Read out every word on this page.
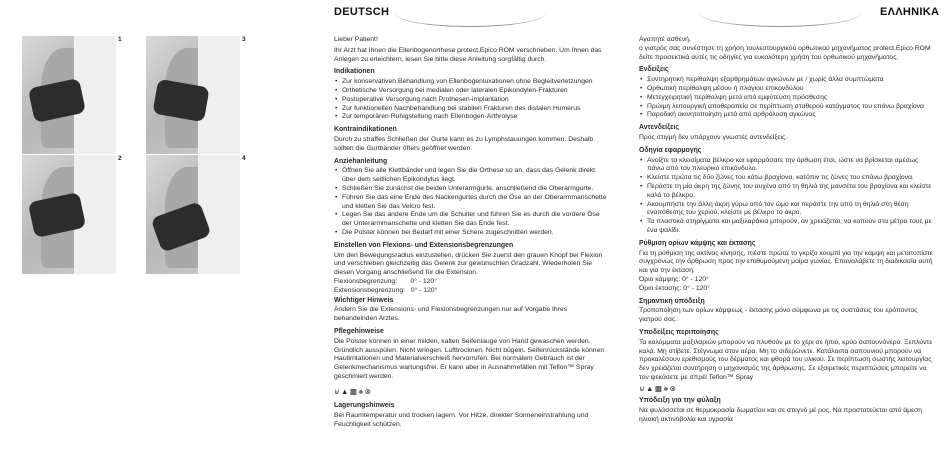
1	3
2	4
DEUTSCH	ΕΛΛΗΝΙΚΑ

Lieber Patient!

Ihr Arzt hat Ihnen die Ellenbogenorthese protect.Epico ROM verschrieben. Um Ihnen das Anlegen zu erleichtern, lesen Sie bitte diese Anleitung sorgfältig durch.

Indikationen
• Zur konservativen Behandlung von Ellenbogenluxationen ohne Begleitverletzungen
• Orthetische Versorgung bei medialen oder lateralen Epikondylen-Frakturen
• Postoperative Versorgung nach Prothesen-implantation
• Zur funktionellen Nachbehandlung bei stabilen Frakturen des distalen Humerus
• Zur temporären Ruhigstellung nach Ellenbogen-Arthrolyse
Kontraindikationen

Durch zu straffes Schließen der Gurte kann es zu Lymphstauungen kommen. Deshalb sollten die Gurtbänder öfters geöffnet werden.

Anziehanleitung
• Öffnen Sie alle Klettbänder und legen Sie die Orthese so an, dass das Gelenk direkt über dem seitlichen Epikondylus liegt.
• Schließen Sie zunächst die beiden Unterarmgurte, anschließend die Oberarmgurte.
• Führen Sie das eine Ende des Nackengurtes durch die Öse an der Oberarmmanschette und kletten Sie das Velcro fest.
• Legen Sie das andere Ende um die Schulter und führen Sie es durch die vordere Öse der Unterarmmanschette und kletten Sie das Ende fest.
• Die Polster können bei Bedarf mit einer Schere zugeschnitten werden.
Einstellen von Flexions- und Extensionsbegrenzungen

Um den Bewegungsradius einzustellen, drücken Sie zuerst den grauen Knopf bei Flexion und verschieben gleichzeitig das Gelenk zur gewünschten Gradzahl. Wiederholen Sie diesen Vorgang anschließend für die Extension.

Flexionsbegrenzung:       0° - 120°
Extensionsbegrenzung:   0° - 120°
Wichtiger Hinweis

Ändern Sie die Extensions- und Flexionsbegrenzungen nur auf Vorgabe Ihres behandelnden Arztes.

Pflegehinweise

Die Polster können in einer milden, kalten Seifenlauge von Hand gewaschen werden. Gründlich ausspülen. Nicht wringen. Lufttrocknen. Nicht bügeln. Seifenrückstände können Hautirritationen und Materialverschleiß hervorrufen. Bei normalem Gebrauch ist der Gelenkmechanismus wartungsfrei. Er kann aber in Ausnahmefällen mit Teflon™ Spray geschmiert werden.

⊍▲▩⨳⊗
Lagerungshinweis

Bei Raumtemperatur und trocken lagern. Vor Hitze, direkter Sonneneinstrahlung und Feuchtigkeit schützen.

Αγαπητέ ασθενή,

ο γιατρός σας συνέστησε τη χρήση τουλεστουργικού ορθωτικού μηχανήματος protect.Epico ROM δείτε προσεκτικά αυτές τις οδηγίες για ευκολότερη χρήση του ορθωτικού μηχανήματος.

Ενδείξεις
• Συντηρητική περίθαλψη εξαρθρημάτων αγκώνων με / χωρίς άλλα συμπτώματα
• Ορθωτική περίθαλψη μέσου ή πλάγιου επικονδύλου
• Μετεγχειρητική περίθαλψη μετά από εμφύτευση πρόσθεσης
• Πρώιμη λειτουργική αποθεραπεία σε περίπτωση σταθερού κατάγματος του επάνω βραχίονα
• Παροδική ακινητοποίηση μετά από αρθρόλυση αγκώνος
Αντενδείξεις

Προς στιγμή δεν υπάρχουν γνωστές αντενδείξεις.

Οδηγία εφαρμογής
• Ανοίξτε τα κλεισίματα βέλκρο και εφαρμόσατε την όρθωση έτσι, ώστε να βρίσκεται αμέσως πάνω από τον πλευρικό επικόνδυλο.
• Κλείστε πρώτα τις δύο ζώνες του κάτω βραχίονα, κατόπιν τις ζώνες του επάνω βραχίονα.
• Περάστε τη μία άκρη της ζώνης του αυχένα από τη θηλιά της μανσέτα του βραχίονα και κλείστε καλά το βέλκρο.
• Ακουμπήστε την άλλη άκρη γύρω από τον ώμο και περάστε την από τη θηλιά στη θέση εναπόθεσης του χεριού, κλείστε με βέλκρο το άκρο.
• Τα πλαστικά στηρίγματα και μαξιλαράκια μπορούν, αν χρειάζεται, να κοπούν στα μέτρα τους με ένα ψαλίδι.
Ρύθμιση ορίων κάμψης και έκτασης

Για τη ρύθμιση της ακτίνας κίνησης, πιέστε πρώτα το γκρίζο κουμπί για την κάμψη και μετατοπίστε συγχρόνως την άρθρωση προς την επιθυμούμενη μοίρα γωνίας. Επαναλάβετε τη διαδικασία αυτή και για την έκταση.

Όριο κάμψης: 0° - 120°
Όριο έκτασης: 0° - 120°
Σημαντική υπόδειξη

Τροποποίηση των ορίων κάμψεως - έκτασης μόνο σύμφωνα με τις συστάσεις του ερόποντος γιατρού σας.

Υποδείξεις περιποίησης

Τα καλύμματα μαξιλαριών μπορούν να πλυθούν με το χέρι σε ήπιο, κρύο σαπουνόνερο. Ξεπλύντε καλά. Μη στίβετε. Στέγνωμα στον αέρα. Μη το σιδερώνετε. Κατάλοιπα σαπουνιού μπορούν να προκαλέσουν ερεθισμούς του δέρματος και φθορά του υλικού. Σε περίπτωση σωστής λειτουργίας δεν χρειάζεται συντήρηση ο μηχανισμός της άρθρωσης. Σε εξαιρετικές περιπτώσεις μπορείτε να τον ψεκάσετε με σπρέϊ Teflon™ Spray

⊍▲▩⨳⊗
Υπόδειξη για την φύλαξη

Να φυλάσσεται σε θερμοκρασία δωματίου και σε στεγνό μέ ρος. Να προστατεύεται από άμεση ηλιακή ακτινοβολία και υγρασία
